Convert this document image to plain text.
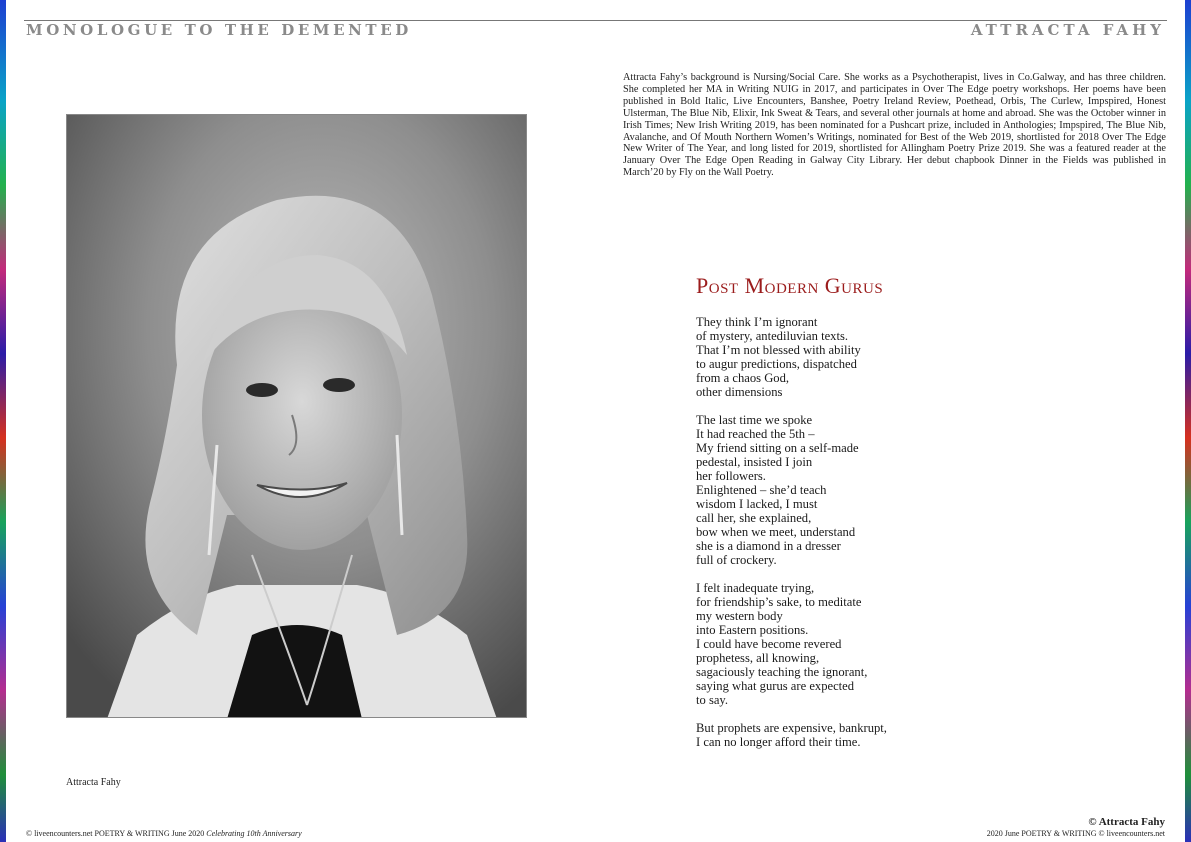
MONOLOGUE TO THE DEMENTED	ATTRACTA FAHY

Attracta Fahy’s background is Nursing/Social Care. She works as a Psychotherapist, lives in Co.Galway, and has three children. She completed her MA in Writing NUIG in 2017, and participates in Over The Edge poetry workshops. Her poems have been published in Bold Italic, Live Encounters, Banshee, Poetry Ireland Review, Poethead, Orbis, The Curlew, Impspired, Honest Ulsterman, The Blue Nib, Elixir, Ink Sweat & Tears, and several other journals at home and abroad. She was the October winner in Irish Times; New Irish Writing 2019, has been nominated for a Pushcart prize, included in Anthologies; Impspired, The Blue Nib, Avalanche, and Of Mouth Northern Women’s Writings, nominated for Best of the Web 2019, shortlisted for 2018 Over The Edge New Writer of The Year, and long listed for 2019, shortlisted for Allingham Poetry Prize 2019. She was a featured reader at the January Over The Edge Open Reading in Galway City Library. Her debut chapbook Dinner in the Fields was published in March’20 by Fly on the Wall Poetry.

Attracta Fahy
Post Modern Gurus
They think I’m ignorant
of mystery, antediluvian texts.
That I’m not blessed with ability
to augur predictions, dispatched
from a chaos God,
other dimensions
The last time we spoke
It had reached the 5th –
My friend sitting on a self-made
pedestal, insisted I join
her followers.
Enlightened – she’d teach
wisdom I lacked, I must
call her, she explained,
bow when we meet, understand
she is a diamond in a dresser
full of crockery.
I felt inadequate trying,
for friendship’s sake, to meditate
my western body
into Eastern positions.
I could have become revered
prophetess, all knowing,
sagaciously teaching the ignorant,
saying what gurus are expected
to say.
But prophets are expensive, bankrupt,
I can no longer afford their time.
© Attracta Fahy
© liveencounters.net POETRY & WRITING June 2020 Celebrating 10th Anniversary	2020 June POETRY & WRITING © liveencounters.net
